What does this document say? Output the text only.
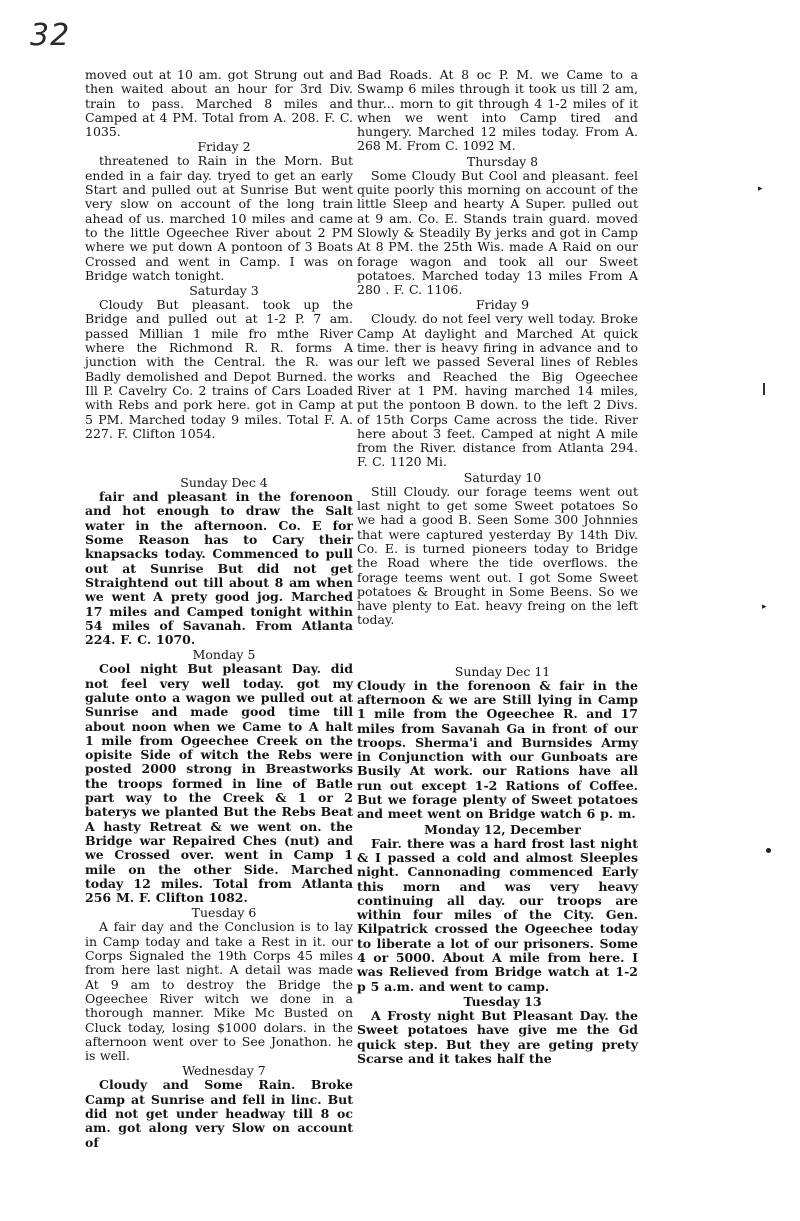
32

moved out at 10 am. got Strung out and then waited about an hour for 3rd Div. train to pass. Marched 8 miles and Camped at 4 PM. Total from A. 208. F. C. 1035.

Friday 2

threatened to Rain in the Morn. But ended in a fair day. tryed to get an early Start and pulled out at Sunrise But went very slow on account of the long train ahead of us. marched 10 miles and came to the little Ogeechee River about 2 PM where we put down A pontoon of 3 Boats Crossed and went in Camp. I was on Bridge watch tonight.

Saturday 3

Cloudy But pleasant. took up the Bridge and pulled out at 1-2 P. 7 am. passed Millian 1 mile fro mthe River where the Richmond R. R. forms A junction with the Central. the R. was Badly demolished and Depot Burned. the Ill P. Cavelry Co. 2 trains of Cars Loaded with Rebs and pork here. got in Camp at 5 PM. Marched today 9 miles. Total F. A. 227. F. Clifton 1054.

Sunday Dec 4

fair and pleasant in the forenoon and hot enough to draw the Salt water in the afternoon. Co. E for Some Reason has to Cary their knapsacks today. Commenced to pull out at Sunrise But did not get Straightend out till about 8 am when we went A prety good jog. Marched 17 miles and Camped tonight within 54 miles of Savanah. From Atlanta 224. F. C. 1070.

Monday 5

Cool night But pleasant Day. did not feel very well today. got my galute onto a wagon we pulled out at Sunrise and made good time till about noon when we Came to A halt 1 mile from Ogeechee Creek on the opisite Side of witch the Rebs were posted 2000 strong in Breastworks the troops formed in line of Batle part way to the Creek & 1 or 2 baterys we planted But the Rebs Beat A hasty Retreat & we went on. the Bridge war Repaired Ches (nut) and we Crossed over. went in Camp 1 mile on the other Side. Marched today 12 miles. Total from Atlanta 256 M. F. Clifton 1082.

Tuesday 6

A fair day and the Conclusion is to lay in Camp today and take a Rest in it. our Corps Signaled the 19th Corps 45 miles from here last night. A detail was made At 9 am to destroy the Bridge the Ogeechee River witch we done in a thorough manner. Mike Mc Busted on Cluck today, losing $1000 dolars. in the afternoon went over to See Jonathon. he is well.

Wednesday 7

Cloudy and Some Rain. Broke Camp at Sunrise and fell in linc. But did not get under headway till 8 oc am. got along very Slow on account of

Bad Roads. At 8 oc P. M. we Came to a Swamp 6 miles through it took us till 2 am, thur... morn to git through 4 1-2 miles of it when we went into Camp tired and hungery. Marched 12 miles today. From A. 268 M. From C. 1092 M.

Thursday 8

Some Cloudy But Cool and pleasant. feel quite poorly this morning on account of the little Sleep and hearty A Super. pulled out at 9 am. Co. E. Stands train guard. moved Slowly & Steadily By jerks and got in Camp At 8 PM. the 25th Wis. made A Raid on our forage wagon and took all our Sweet potatoes. Marched today 13 miles From A 280 . F. C. 1106.

Friday 9

Cloudy. do not feel very well today. Broke Camp At daylight and Marched At quick time. ther is heavy firing in advance and to our left we passed Several lines of Rebles works and Reached the Big Ogeechee River at 1 PM. having marched 14 miles, put the pontoon B down. to the left 2 Divs. of 15th Corps Came across the tide. River here about 3 feet. Camped at night A mile from the River. distance from Atlanta 294. F. C. 1120 Mi.

Saturday 10

Still Cloudy. our forage teems went out last night to get some Sweet potatoes So we had a good B. Seen Some 300 Johnnies that were captured yesterday By 14th Div. Co. E. is turned pioneers today to Bridge the Road where the tide overflows. the forage teems went out. I got Some Sweet potatoes & Brought in Some Beens. So we have plenty to Eat. heavy freing on the left today.

Sunday Dec 11

Cloudy in the forenoon & fair in the afternoon & we are Still lying in Camp 1 mile from the Ogeechee R. and 17 miles from Savanah Ga in front of our troops. Sherma'i and Burnsides Army in Conjunction with our Gunboats are Busily At work. our Rations have all run out except 1-2 Rations of Coffee. But we forage plenty of Sweet potatoes and meet went on Bridge watch 6 p. m.

Monday 12, December

Fair. there was a hard frost last night & I passed a cold and almost Sleeples night. Cannonading commenced Early this morn and was very heavy continuing all day. our troops are within four miles of the City. Gen. Kilpatrick crossed the Ogeechee today to liberate a lot of our prisoners. Some 4 or 5000. About A mile from here. I was Relieved from Bridge watch at 1-2 p 5 a.m. and went to camp.

Tuesday 13

A Frosty night But Pleasant Day. the Sweet potatoes have give me the Gd quick step. But they are geting prety Scarse and it takes half the

▸
▸
